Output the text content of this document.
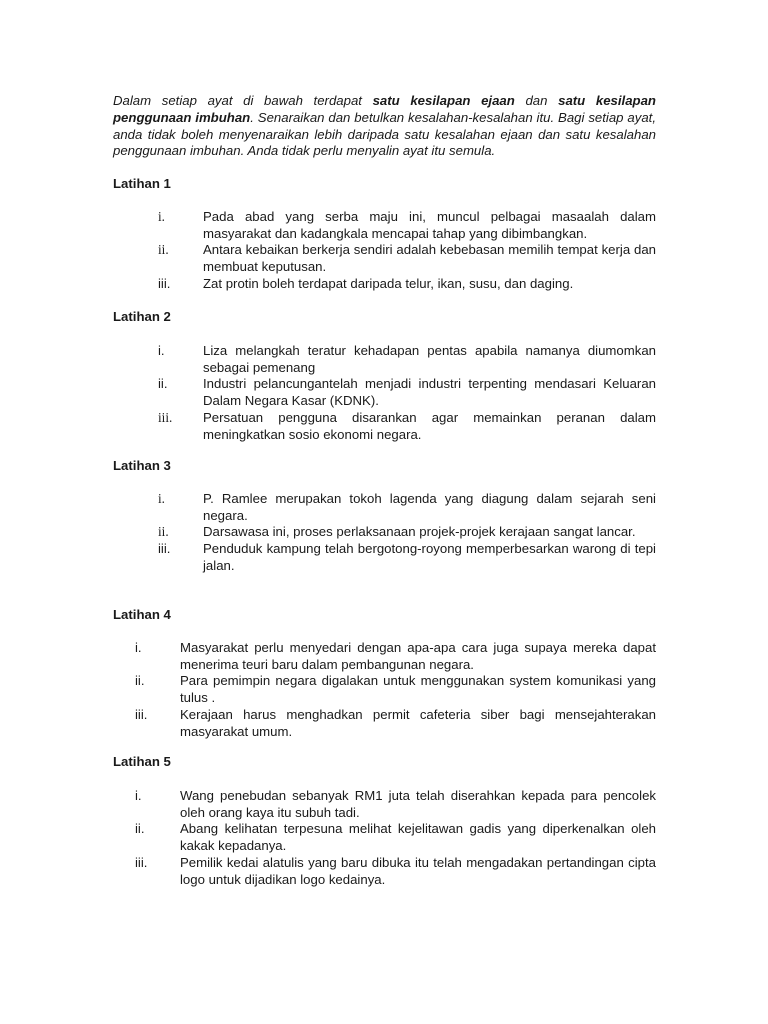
Dalam setiap ayat di bawah terdapat satu kesilapan ejaan dan satu kesilapan penggunaan imbuhan. Senaraikan dan betulkan kesalahan-kesalahan itu. Bagi setiap ayat, anda tidak boleh menyenaraikan lebih daripada satu kesalahan ejaan dan satu kesalahan penggunaan imbuhan. Anda tidak perlu menyalin ayat itu semula.

Latihan 1

i.	Pada abad yang serba maju ini, muncul pelbagai masaalah dalam masyarakat dan kadangkala mencapai tahap yang dibimbangkan.
ii.	Antara kebaikan berkerja sendiri adalah kebebasan memilih tempat kerja dan membuat keputusan.
iii. Zat protin boleh terdapat daripada telur, ikan, susu, dan daging.

Latihan 2

i.	Liza melangkah teratur kehadapan pentas apabila namanya diumomkan sebagai pemenang
ii.	Industri pelancungantelah menjadi industri terpenting mendasari Keluaran Dalam Negara Kasar (KDNK).
iii. Persatuan pengguna disarankan agar memainkan peranan dalam meningkatkan sosio ekonomi negara.

Latihan 3

i.	P. Ramlee merupakan tokoh lagenda yang diagung dalam sejarah seni negara.
ii.	Darsawasa ini, proses perlaksanaan projek-projek kerajaan sangat lancar.
iii. Penduduk kampung telah bergotong-royong memperbesarkan warong di tepi jalan.

Latihan 4

i.	Masyarakat perlu menyedari dengan apa-apa cara juga supaya mereka dapat menerima teuri baru dalam pembangunan negara.
ii.	Para pemimpin negara digalakan untuk menggunakan system komunikasi yang tulus .
iii.	Kerajaan harus menghadkan permit cafeteria siber bagi mensejahterakan masyarakat umum.

Latihan 5

i.	Wang penebudan sebanyak RM1 juta telah diserahkan kepada para pencolek oleh orang kaya itu subuh tadi.
ii.	Abang kelihatan terpesuna melihat kejelitawan gadis yang diperkenalkan oleh kakak kepadanya.
iii.	Pemilik kedai alatulis yang baru dibuka itu telah mengadakan pertandingan cipta logo untuk dijadikan logo kedainya.
